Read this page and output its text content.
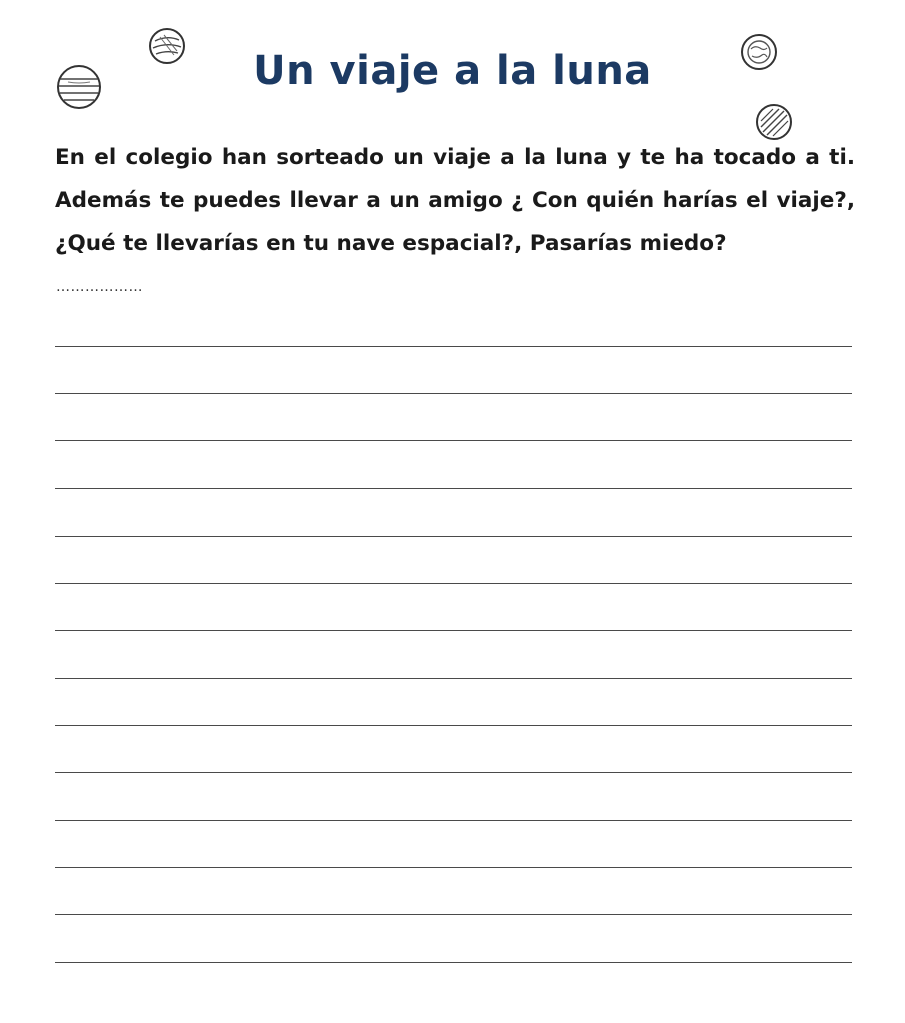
Un viaje a la luna

En el colegio han sorteado un viaje a la luna y te ha tocado a ti. Además te puedes llevar a un amigo ¿ Con quién harías el viaje?, ¿Qué te llevarías en tu nave espacial?, Pasarías miedo?

………………
